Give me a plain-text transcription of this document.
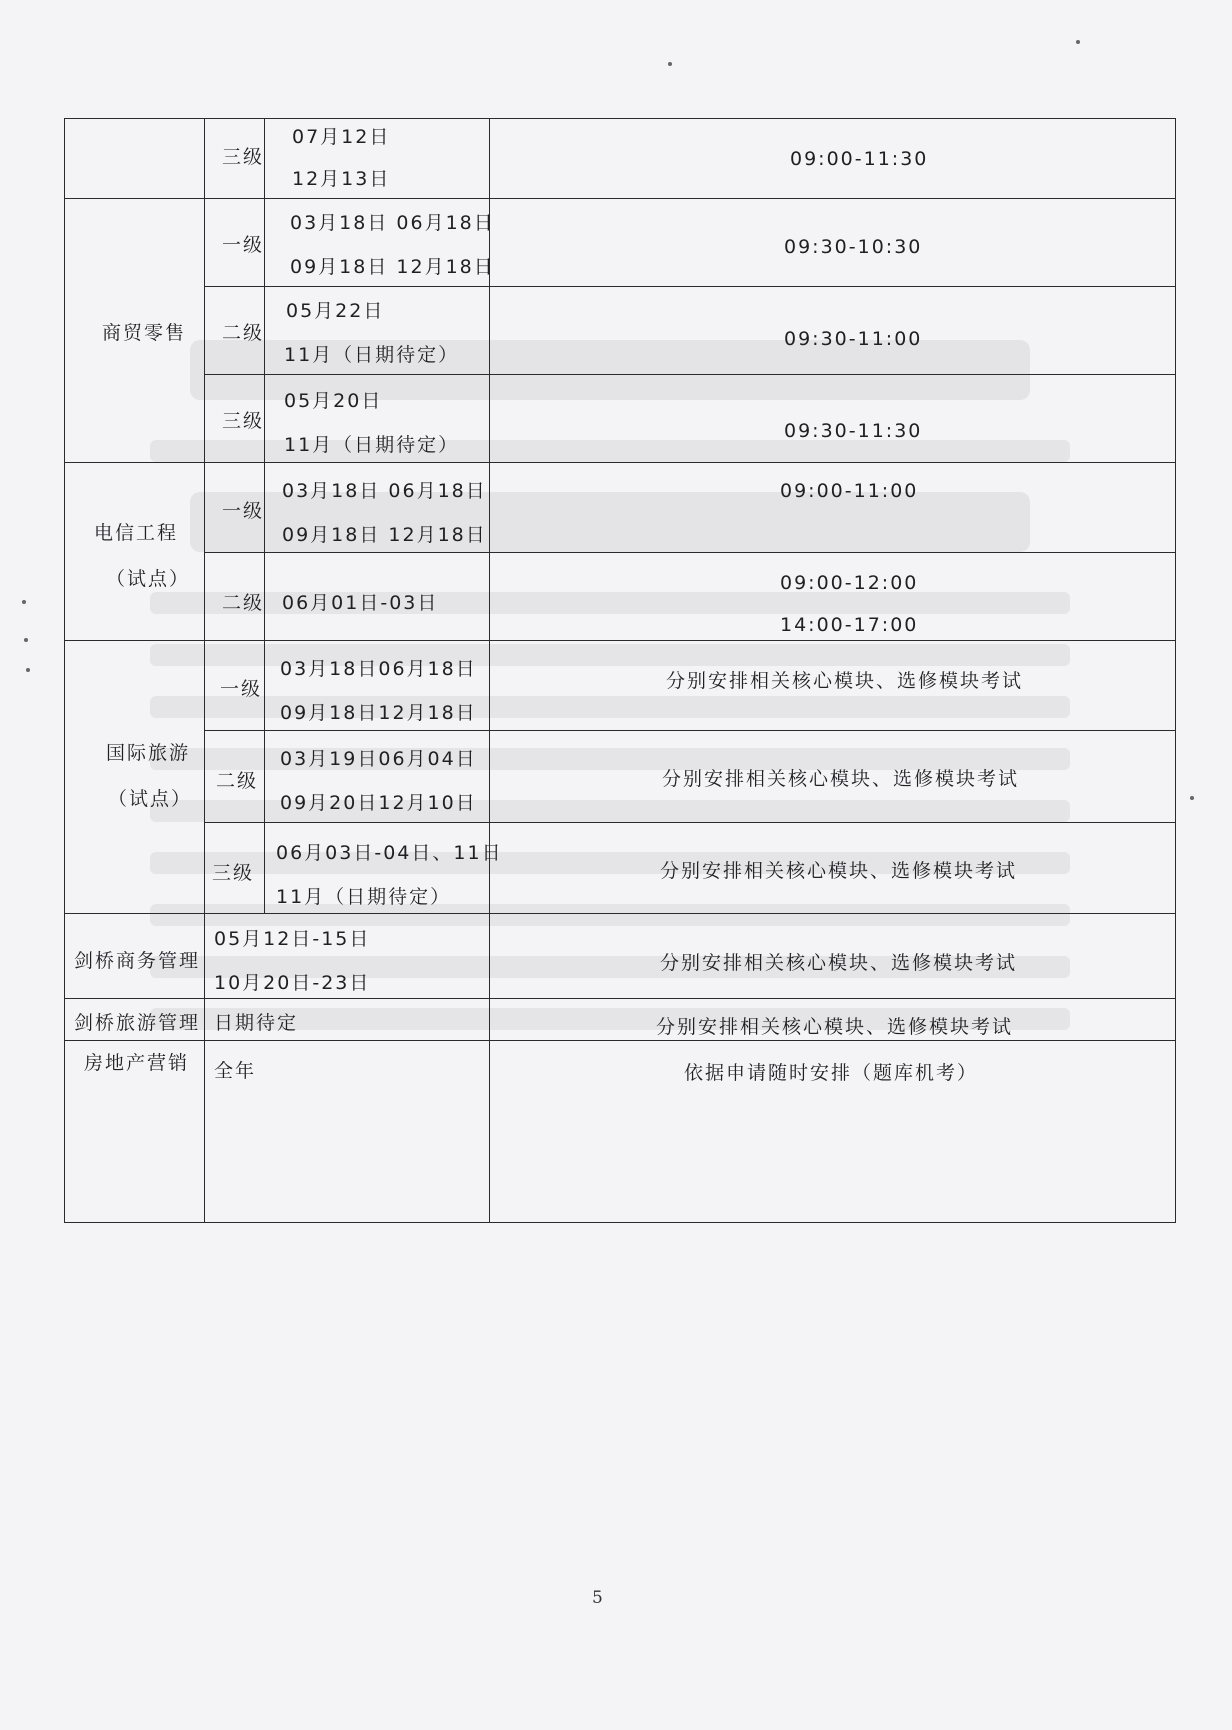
三级
07月12日
12月13日
09:00-11:30
商贸零售
一级
03月18日 06月18日
09月18日 12月18日
09:30-10:30
二级
05月22日
11月（日期待定）
09:30-11:00
三级
05月20日
11月（日期待定）
09:30-11:30
电信工程
（试点）
一级
03月18日 06月18日
09月18日 12月18日
09:00-11:00
二级 06月01日-03日
09:00-12:00
14:00-17:00
国际旅游
（试点）
一级
03月18日06月18日
09月18日12月18日
分别安排相关核心模块、选修模块考试
二级
03月19日06月04日
09月20日12月10日
分别安排相关核心模块、选修模块考试
三级
06月03日-04日、11日
11月（日期待定）
分别安排相关核心模块、选修模块考试
剑桥商务管理
05月12日-15日
10月20日-23日
分别安排相关核心模块、选修模块考试
剑桥旅游管理 日期待定	分别安排相关核心模块、选修模块考试
房地产营销 全年	依据申请随时安排（题库机考）
5
